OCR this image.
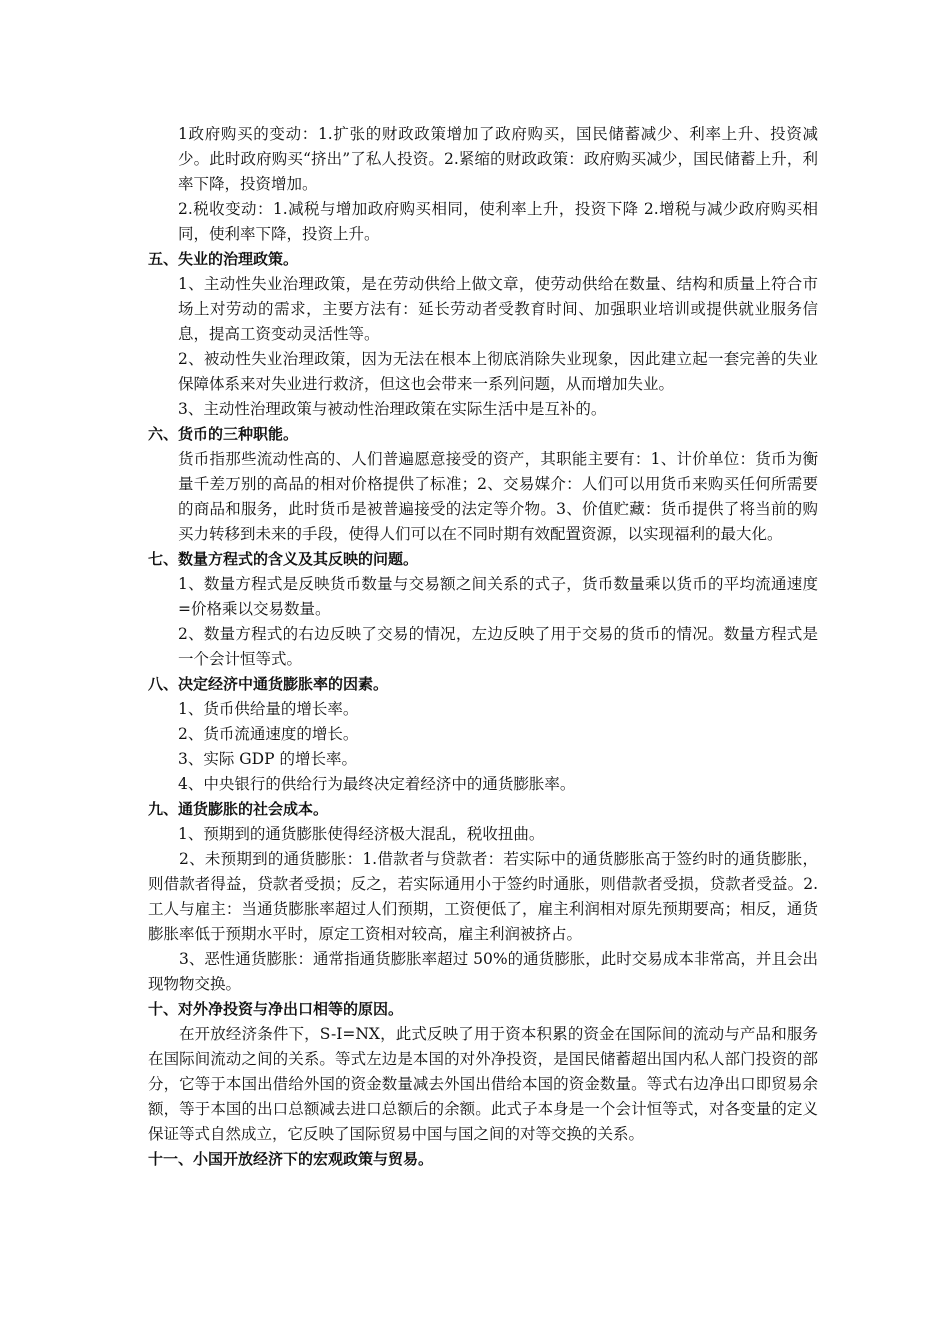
1政府购买的变动：1.扩张的财政政策增加了政府购买，国民储蓄减少、利率上升、投资减少。此时政府购买“挤出”了私人投资。2.紧缩的财政政策：政府购买减少，国民储蓄上升，利率下降，投资增加。

2.税收变动：1.减税与增加政府购买相同，使利率上升，投资下降 2.增税与减少政府购买相同，使利率下降，投资上升。

五、失业的治理政策。

1、主动性失业治理政策，是在劳动供给上做文章，使劳动供给在数量、结构和质量上符合市场上对劳动的需求，主要方法有：延长劳动者受教育时间、加强职业培训或提供就业服务信息，提高工资变动灵活性等。

2、被动性失业治理政策，因为无法在根本上彻底消除失业现象，因此建立起一套完善的失业保障体系来对失业进行救济，但这也会带来一系列问题，从而增加失业。

3、主动性治理政策与被动性治理政策在实际生活中是互补的。

六、货币的三种职能。

货币指那些流动性高的、人们普遍愿意接受的资产，其职能主要有：1、计价单位：货币为衡量千差万别的高品的相对价格提供了标准；2、交易媒介：人们可以用货币来购买任何所需要的商品和服务，此时货币是被普遍接受的法定等介物。3、价值贮藏：货币提供了将当前的购买力转移到未来的手段，使得人们可以在不同时期有效配置资源，以实现福利的最大化。

七、数量方程式的含义及其反映的问题。

1、数量方程式是反映货币数量与交易额之间关系的式子，货币数量乘以货币的平均流通速度=价格乘以交易数量。

2、数量方程式的右边反映了交易的情况，左边反映了用于交易的货币的情况。数量方程式是一个会计恒等式。

八、决定经济中通货膨胀率的因素。

1、货币供给量的增长率。

2、货币流通速度的增长。

3、实际 GDP 的增长率。

4、中央银行的供给行为最终决定着经济中的通货膨胀率。

九、通货膨胀的社会成本。

1、预期到的通货膨胀使得经济极大混乱，税收扭曲。

2、未预期到的通货膨胀：1.借款者与贷款者：若实际中的通货膨胀高于签约时的通货膨胀，则借款者得益，贷款者受损；反之，若实际通用小于签约时通胀，则借款者受损，贷款者受益。2.工人与雇主：当通货膨胀率超过人们预期，工资便低了，雇主利润相对原先预期要高；相反，通货膨胀率低于预期水平时，原定工资相对较高，雇主利润被挤占。

3、恶性通货膨胀：通常指通货膨胀率超过 50%的通货膨胀，此时交易成本非常高，并且会出现物物交换。

十、对外净投资与净出口相等的原因。

在开放经济条件下，S-I=NX，此式反映了用于资本积累的资金在国际间的流动与产品和服务在国际间流动之间的关系。等式左边是本国的对外净投资，是国民储蓄超出国内私人部门投资的部分，它等于本国出借给外国的资金数量减去外国出借给本国的资金数量。等式右边净出口即贸易余额，等于本国的出口总额减去进口总额后的余额。此式子本身是一个会计恒等式，对各变量的定义保证等式自然成立，它反映了国际贸易中国与国之间的对等交换的关系。

十一、小国开放经济下的宏观政策与贸易。
